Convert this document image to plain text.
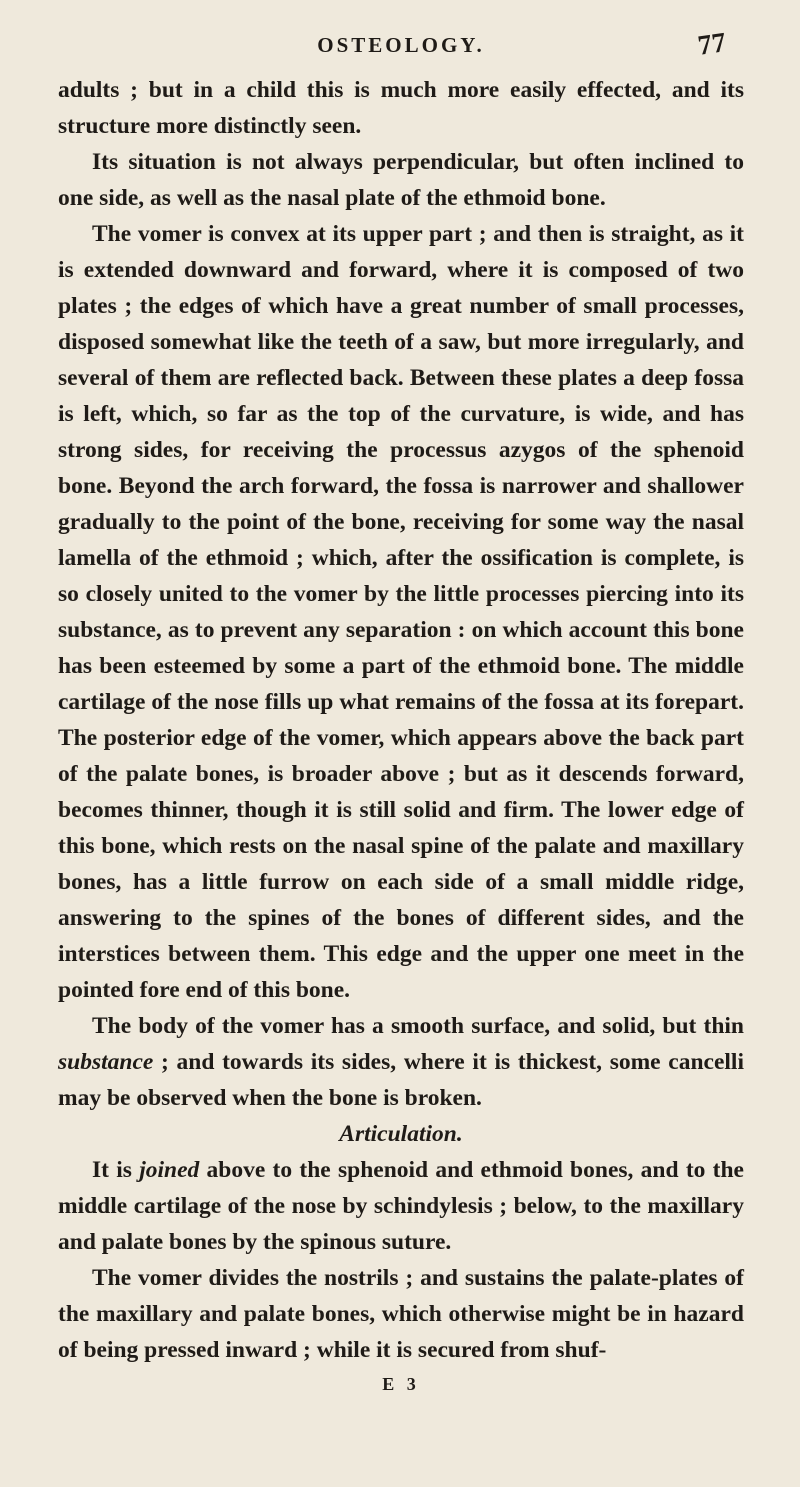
OSTEOLOGY.	77

adults ; but in a child this is much more easily effected, and its structure more distinctly seen.

Its situation is not always perpendicular, but often inclined to one side, as well as the nasal plate of the ethmoid bone.

The vomer is convex at its upper part ; and then is straight, as it is extended downward and forward, where it is composed of two plates ; the edges of which have a great number of small processes, disposed somewhat like the teeth of a saw, but more irregularly, and several of them are reflected back. Between these plates a deep fossa is left, which, so far as the top of the curvature, is wide, and has strong sides, for receiving the processus azygos of the sphenoid bone. Beyond the arch forward, the fossa is narrower and shallower gradually to the point of the bone, receiving for some way the nasal lamella of the ethmoid ; which, after the ossification is complete, is so closely united to the vomer by the little processes piercing into its substance, as to prevent any separation : on which account this bone has been esteemed by some a part of the ethmoid bone. The middle cartilage of the nose fills up what remains of the fossa at its forepart. The posterior edge of the vomer, which appears above the back part of the palate bones, is broader above ; but as it descends forward, becomes thinner, though it is still solid and firm. The lower edge of this bone, which rests on the nasal spine of the palate and maxillary bones, has a little furrow on each side of a small middle ridge, answering to the spines of the bones of different sides, and the interstices between them. This edge and the upper one meet in the pointed fore end of this bone.

The body of the vomer has a smooth surface, and solid, but thin substance ; and towards its sides, where it is thickest, some cancelli may be observed when the bone is broken.

Articulation.

It is joined above to the sphenoid and ethmoid bones, and to the middle cartilage of the nose by schindylesis ; below, to the maxillary and palate bones by the spinous suture.

The vomer divides the nostrils ; and sustains the palate-plates of the maxillary and palate bones, which otherwise might be in hazard of being pressed inward ; while it is secured from shuf-

E 3
